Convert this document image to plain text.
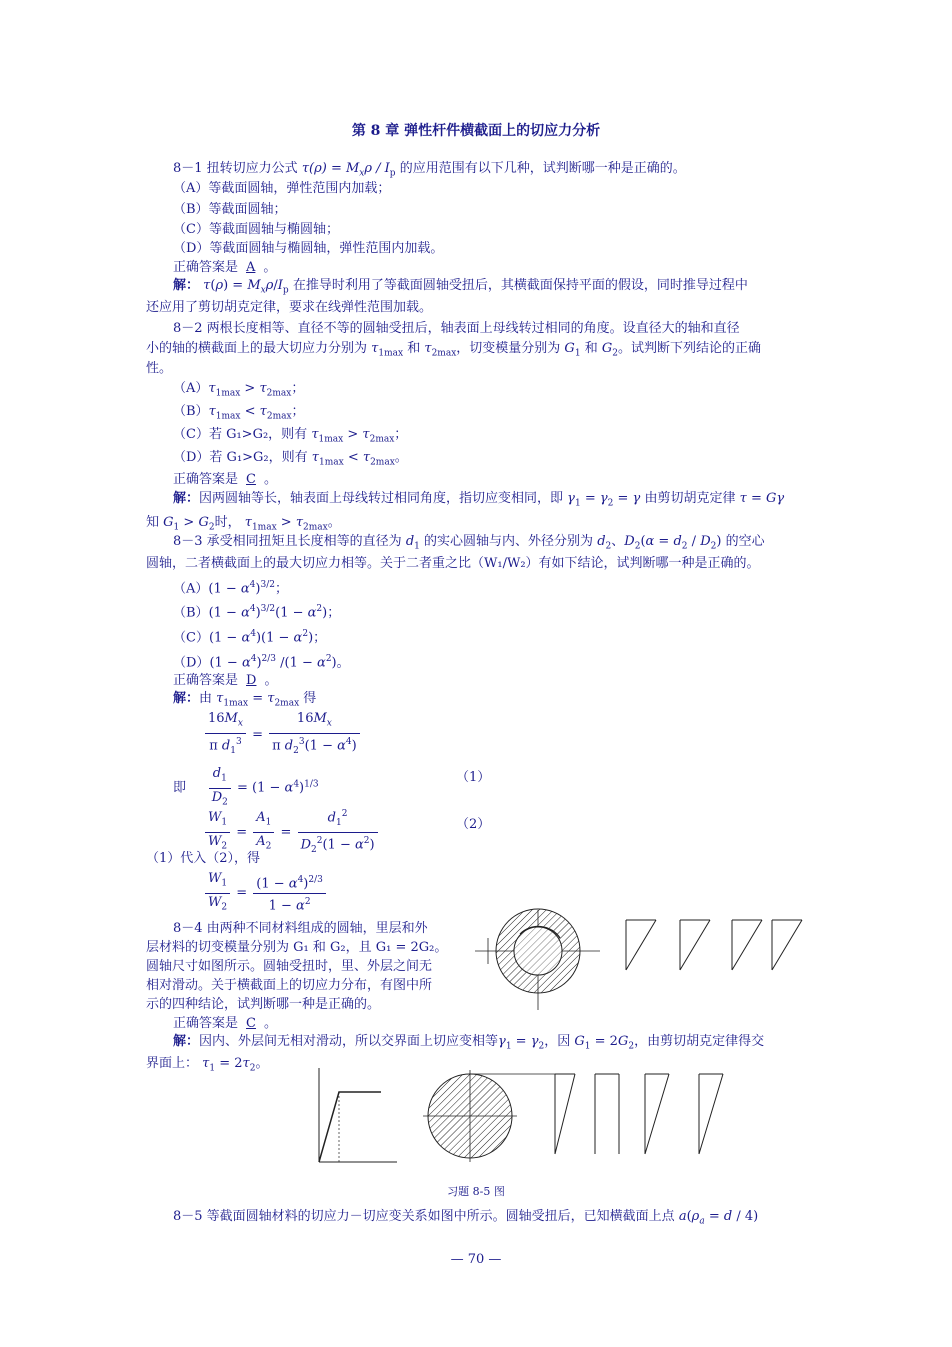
第 8 章 弹性杆件横截面上的切应力分析
8－1 扭转切应力公式 $\tau(\rho) = M_x\rho / I_p$ 的应用范围有以下几种，试判断哪一种是正确的。
（A）等截面圆轴，弹性范围内加载；
（B）等截面圆轴；
（C）等截面圆轴与椭圆轴；
（D）等截面圆轴与椭圆轴，弹性范围内加载。
正确答案是 A 。
解： $\tau(\rho) = M_x\rho/I_p$ 在推导时利用了等截面圆轴受扭后，其横截面保持平面的假设，同时推导过程中
还应用了剪切胡克定律，要求在线弹性范围加载。
8－2 两根长度相等、直径不等的圆轴受扭后，轴表面上母线转过相同的角度。设直径大的轴和直径
小的轴的横截面上的最大切应力分别为 $\tau_{1max}$ 和 $\tau_{2max}$，切变模量分别为 $G_1$ 和 $G_2$。试判断下列结论的正确
性。
$(A)\tau_{1max} > \tau_{2max}$；
$(B)\tau_{1max} < \tau_{2max}$；
（C）若 G₁>G₂，则有 $\tau_{1max} > \tau_{2max}$；
（D）若 G₁>G₂，则有 $\tau_{1max} < \tau_{2max}$。
正确答案是 C 。
解：因两圆轴等长，轴表面上母线转过相同角度，指切应变相同，即 $\gamma_1 = \gamma_2 = \gamma$ 由剪切胡克定律 τ = Gγ
知 $G_1 > G_2$时， $\tau_{1max} > \tau_{2max}$。
8－3 承受相同扭矩且长度相等的直径为 $d_1$ 的实心圆轴与内、外径分别为 $d_2$、$D_2(\alpha = d_2 / D_2)$ 的空心
圆轴，二者横截面上的最大切应力相等。关于二者重之比（W₁/W₂）有如下结论，试判断哪一种是正确的。
$(A)(1 - \alpha^4)^{3/2}$；
$(B)(1 - \alpha^4)^{3/2}(1 - \alpha^2)$；
$(C)(1 - \alpha^4)(1 - \alpha^2)$；
$(D)(1 - \alpha^4)^{2/3}$ $/(1 - \alpha^2)$。
正确答案是 D 。
解：由 $\tau_{1max} = \tau_{2max}$ 得
$\frac{16M_x}{\pi d_1^3} = \frac{16M_x}{\pi d_2^3(1 - \alpha^4)}$
即 $\frac{d_1}{D_2} = (1 - \alpha^4)^{1/3}$	（1）
$\frac{W_1}{W_2} = \frac{A_1}{A_2} = \frac{d_1^2}{D_2^2(1 - \alpha^2)}$	（2）
（1）代入（2），得
$\frac{W_1}{W_2} = \frac{(1 - \alpha^4)^{2/3}}{1 - \alpha^2}$
8－4 由两种不同材料组成的圆轴，里层和外
层材料的切变模量分别为 G₁ 和 G₂，且 G₁ = 2G₂。
圆轴尺寸如图所示。圆轴受扭时，里、外层之间无
相对滑动。关于横截面上的切应力分布，有图中所
示的四种结论，试判断哪一种是正确的。
正确答案是 C 。
解：因内、外层间无相对滑动，所以交界面上切应变相等$\gamma_1 = \gamma_2$，因 $G_1 = 2G_2$，由剪切胡克定律得交
界面上： $\tau_1 = 2\tau_2$。
习题 8-5 图
8－5 等截面圆轴材料的切应力－切应变关系如图中所示。圆轴受扭后，已知横截面上点 $a(\rho_a = d / 4)$
— 70 —
